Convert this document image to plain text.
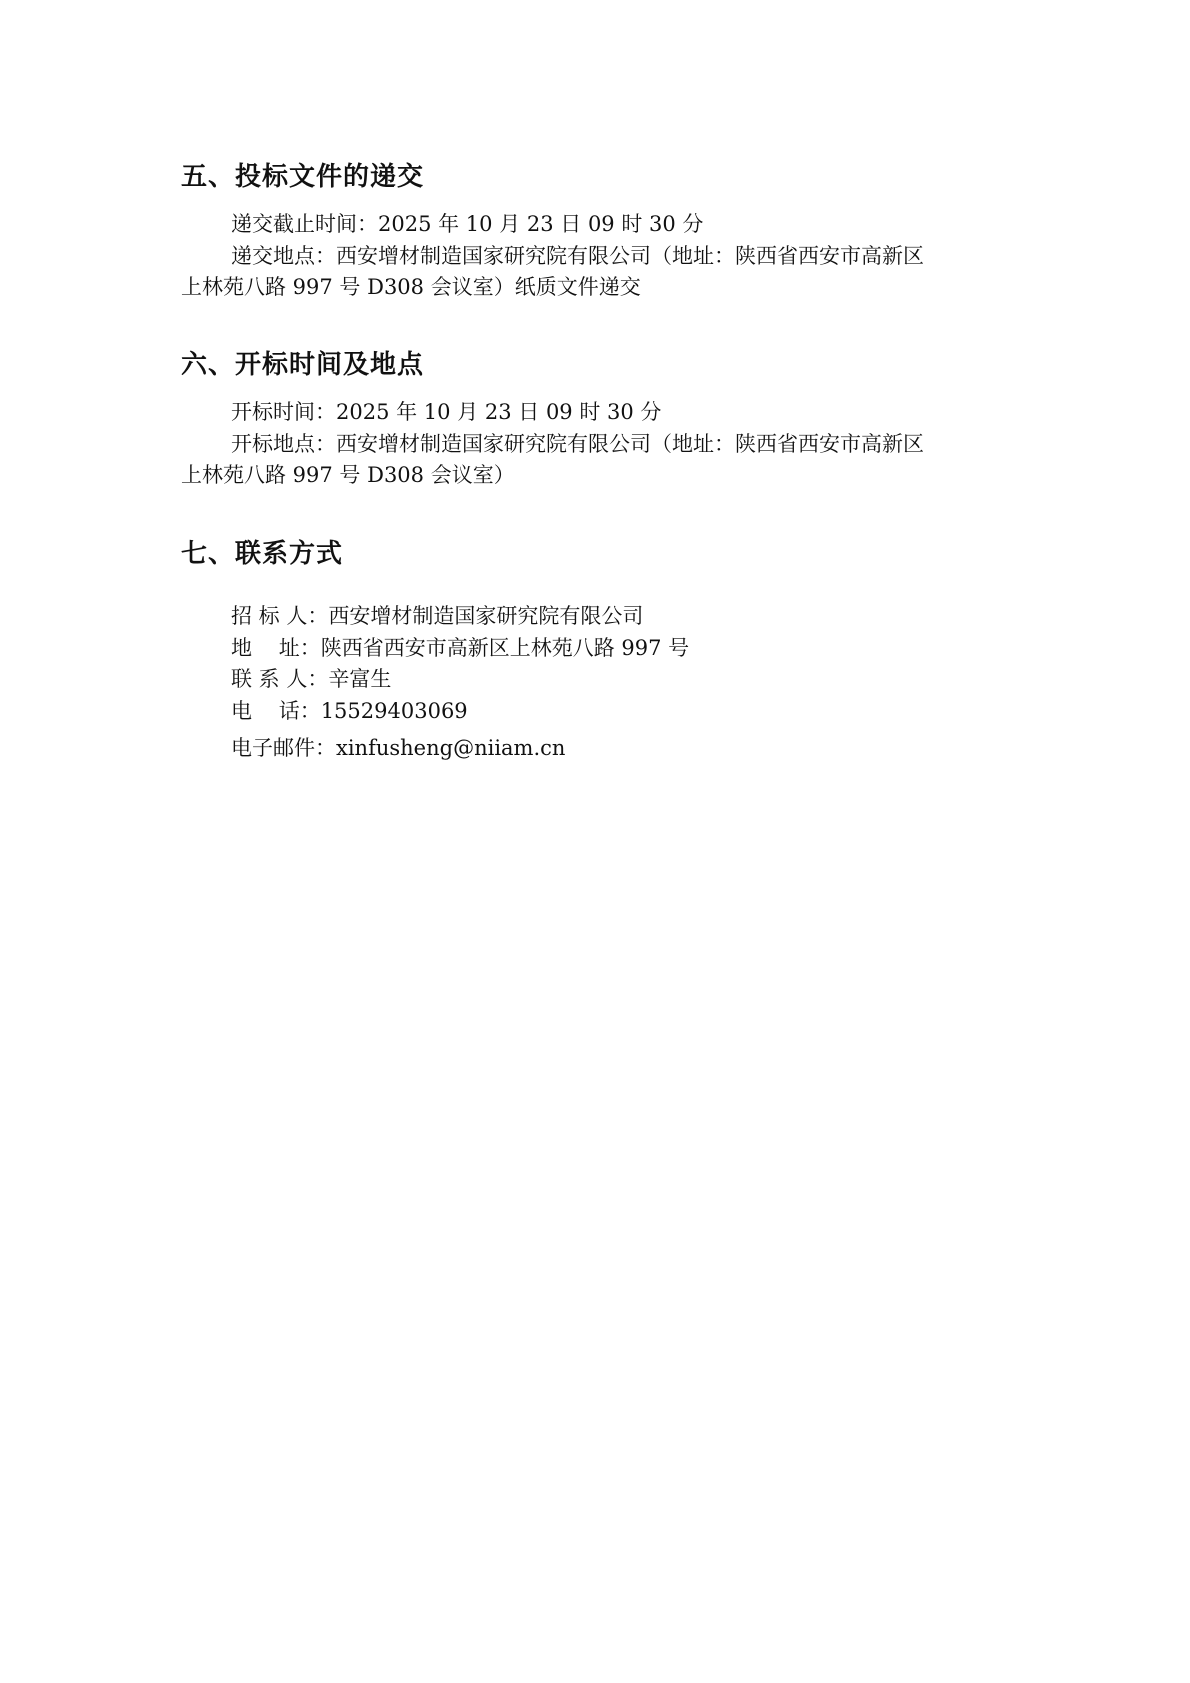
五、投标文件的递交
递交截止时间：2025 年 10 月 23 日 09 时 30 分
递交地点：西安增材制造国家研究院有限公司（地址：陕西省西安市高新区
上林苑八路 997 号 D308 会议室）纸质文件递交
六、开标时间及地点
开标时间：2025 年 10 月 23 日 09 时 30 分
开标地点：西安增材制造国家研究院有限公司（地址：陕西省西安市高新区
上林苑八路 997 号 D308 会议室）
七、联系方式
招 标 人：西安增材制造国家研究院有限公司
地    址：陕西省西安市高新区上林苑八路 997 号
联 系 人：辛富生
电    话：15529403069
电子邮件：xinfusheng@niiam.cn
